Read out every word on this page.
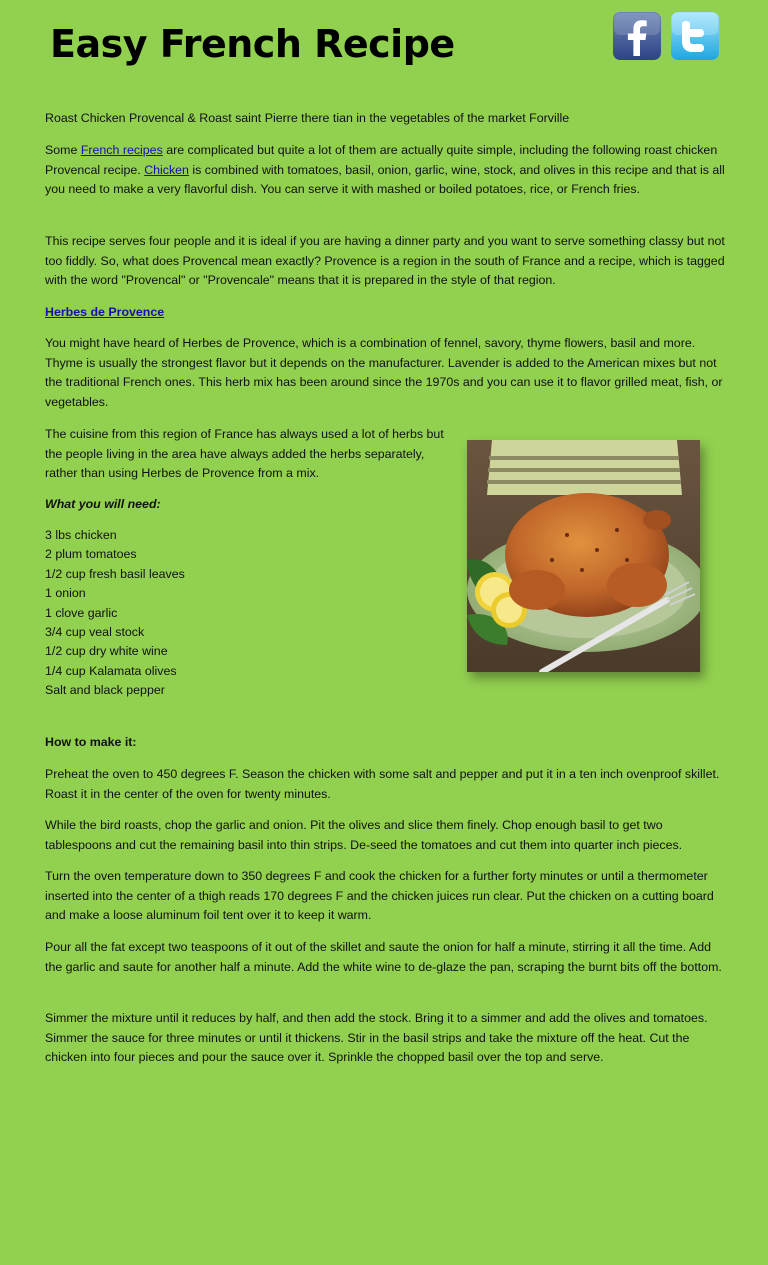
Easy French Recipe

Roast Chicken Provencal & Roast saint Pierre there tian in the vegetables of the market Forville

Some French recipes are complicated but quite a lot of them are actually quite simple, including the following roast chicken Provencal recipe. Chicken is combined with tomatoes, basil, onion, garlic, wine, stock, and olives in this recipe and that is all you need to make a very flavorful dish. You can serve it with mashed or boiled potatoes, rice, or French fries.

This recipe serves four people and it is ideal if you are having a dinner party and you want to serve something classy but not too fiddly. So, what does Provencal mean exactly? Provence is a region in the south of France and a recipe, which is tagged with the word "Provencal" or "Provencale" means that it is prepared in the style of that region.

Herbes de Provence

You might have heard of Herbes de Provence, which is a combination of fennel, savory, thyme flowers, basil and more. Thyme is usually the strongest flavor but it depends on the manufacturer. Lavender is added to the American mixes but not the traditional French ones. This herb mix has been around since the 1970s and you can use it to flavor grilled meat, fish, or vegetables.

The cuisine from this region of France has always used a lot of herbs but the people living in the area have always added the herbs separately, rather than using Herbes de Provence from a mix.

What you will need:

3 lbs chicken
2 plum tomatoes
1/2 cup fresh basil leaves
1 onion
1 clove garlic
3/4 cup veal stock
1/2 cup dry white wine
1/4 cup Kalamata olives
Salt and black pepper

How to make it:

Preheat the oven to 450 degrees F. Season the chicken with some salt and pepper and put it in a ten inch ovenproof skillet. Roast it in the center of the oven for twenty minutes.

While the bird roasts, chop the garlic and onion. Pit the olives and slice them finely. Chop enough basil to get two tablespoons and cut the remaining basil into thin strips. De-seed the tomatoes and cut them into quarter inch pieces.

Turn the oven temperature down to 350 degrees F and cook the chicken for a further forty minutes or until a thermometer inserted into the center of a thigh reads 170 degrees F and the chicken juices run clear. Put the chicken on a cutting board and make a loose aluminum foil tent over it to keep it warm.

Pour all the fat except two teaspoons of it out of the skillet and saute the onion for half a minute, stirring it all the time. Add the garlic and saute for another half a minute. Add the white wine to de-glaze the pan, scraping the burnt bits off the bottom.

Simmer the mixture until it reduces by half, and then add the stock. Bring it to a simmer and add the olives and tomatoes. Simmer the sauce for three minutes or until it thickens. Stir in the basil strips and take the mixture off the heat. Cut the chicken into four pieces and pour the sauce over it. Sprinkle the chopped basil over the top and serve.
